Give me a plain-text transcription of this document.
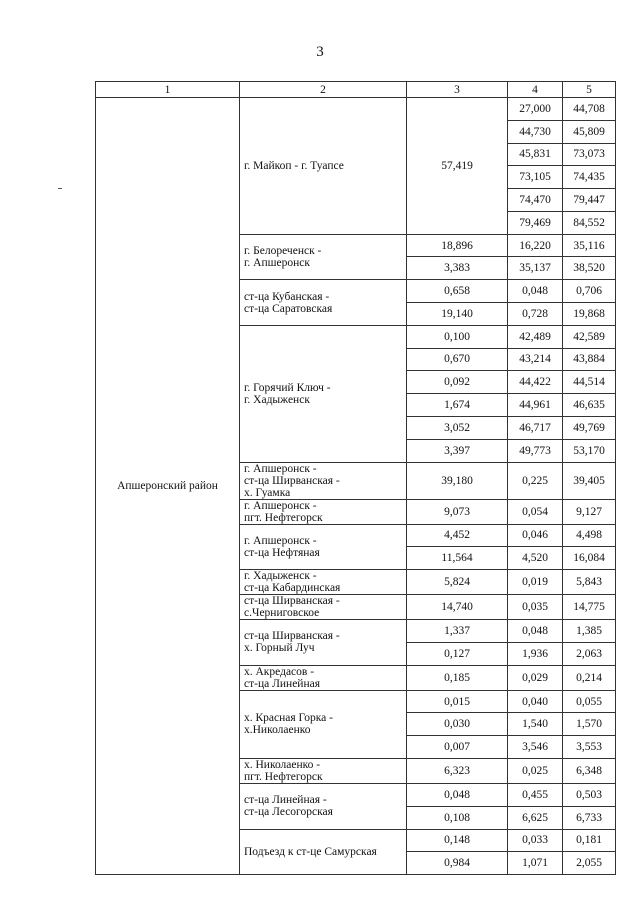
3
1	2	3	4	5
Апшеронский район	г. Майкоп - г. Туапсе	57,419	27,000	44,708
			44,730	45,809
			45,831	73,073
			73,105	74,435
			74,470	79,447
			79,469	84,552

	г. Белореченск -
г. Апшеронск	18,896	16,220	35,116
		3,383	35,137	38,520

	ст-ца Кубанская -
ст-ца Саратовская	0,658	0,048	0,706
		19,140	0,728	19,868

	г. Горячий Ключ -
г. Хадыженск	0,100	42,489	42,589
		0,670	43,214	43,884
		0,092	44,422	44,514
		1,674	44,961	46,635
		3,052	46,717	49,769
		3,397	49,773	53,170

	г. Апшеронск -
ст-ца Ширванская -
х. Гуамка	39,180	0,225	39,405

	г. Апшеронск -
пгт. Нефтегорск	9,073	0,054	9,127

	г. Апшеронск -
ст-ца Нефтяная	4,452	0,046	4,498
		11,564	4,520	16,084

	г. Хадыженск -
ст-ца Кабардинская	5,824	0,019	5,843

	ст-ца Ширванская -
с.Черниговское	14,740	0,035	14,775

	ст-ца Ширванская -
х. Горный Луч	1,337	0,048	1,385
		0,127	1,936	2,063

	х. Акредасов -
ст-ца Линейная	0,185	0,029	0,214

	х. Красная Горка -
х.Николаенко	0,015	0,040	0,055
		0,030	1,540	1,570
		0,007	3,546	3,553

	х. Николаенко -
пгт. Нефтегорск	6,323	0,025	6,348

	ст-ца Линейная -
ст-ца Лесогорская	0,048	0,455	0,503
		0,108	6,625	6,733

	Подъезд к ст-це Самурская	0,148	0,033	0,181
		0,984	1,071	2,055
